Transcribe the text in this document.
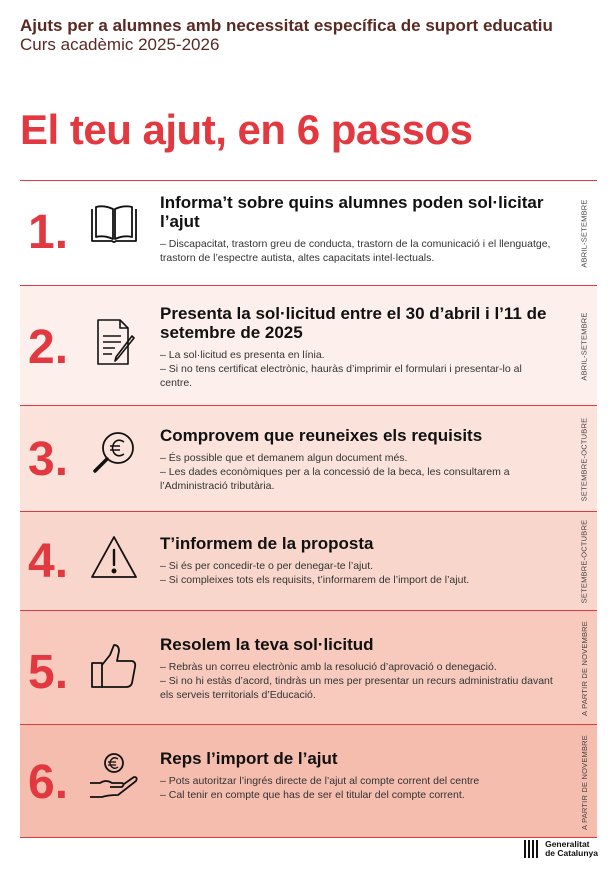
Ajuts per a alumnes amb necessitat específica de suport educatiu
Curs acadèmic 2025-2026
El teu ajut, en 6 passos
1.
Informa’t sobre quins alumnes poden sol·licitar l’ajut
– Discapacitat, trastorn greu de conducta, trastorn de la comunicació i el llenguatge, trastorn de l’espectre autista, altes capacitats intel·lectuals.	ABRIL-SETEMBRE
2.
Presenta la sol·licitud entre el 30 d’abril i l’11 de setembre de 2025
– La sol·licitud es presenta en línia.
– Si no tens certificat electrònic, hauràs d’imprimir el formulari i presentar-lo al centre.
ABRIL-SETEMBRE
3.	Comprovem que reuneixes els requisits
– És possible que et demanem algun document més.
– Les dades econòmiques per a la concessió de la beca, les consultarem a l’Administració tributària.	SETEMBRE-OCTUBRE
4.	T’informem de la proposta
– Si és per concedir-te o per denegar-te l’ajut.
– Si compleixes tots els requisits, t’informarem de l’import de l’ajut.	SETEMBRE-OCTUBRE
5.
Resolem la teva sol·licitud
– Rebràs un correu electrònic amb la resolució d’aprovació o denegació.
– Si no hi estàs d’acord, tindràs un mes per presentar un recurs administratiu davant els serveis territorials d’Educació.	A PARTIR DE NOVEMBRE
6.	Reps l’import de l’ajut
– Pots autoritzar l’ingrés directe de l’ajut al compte corrent del centre
– Cal tenir en compte que has de ser el titular del compte corrent.	A PARTIR DE NOVEMBRE
Generalitat
de Catalunya
